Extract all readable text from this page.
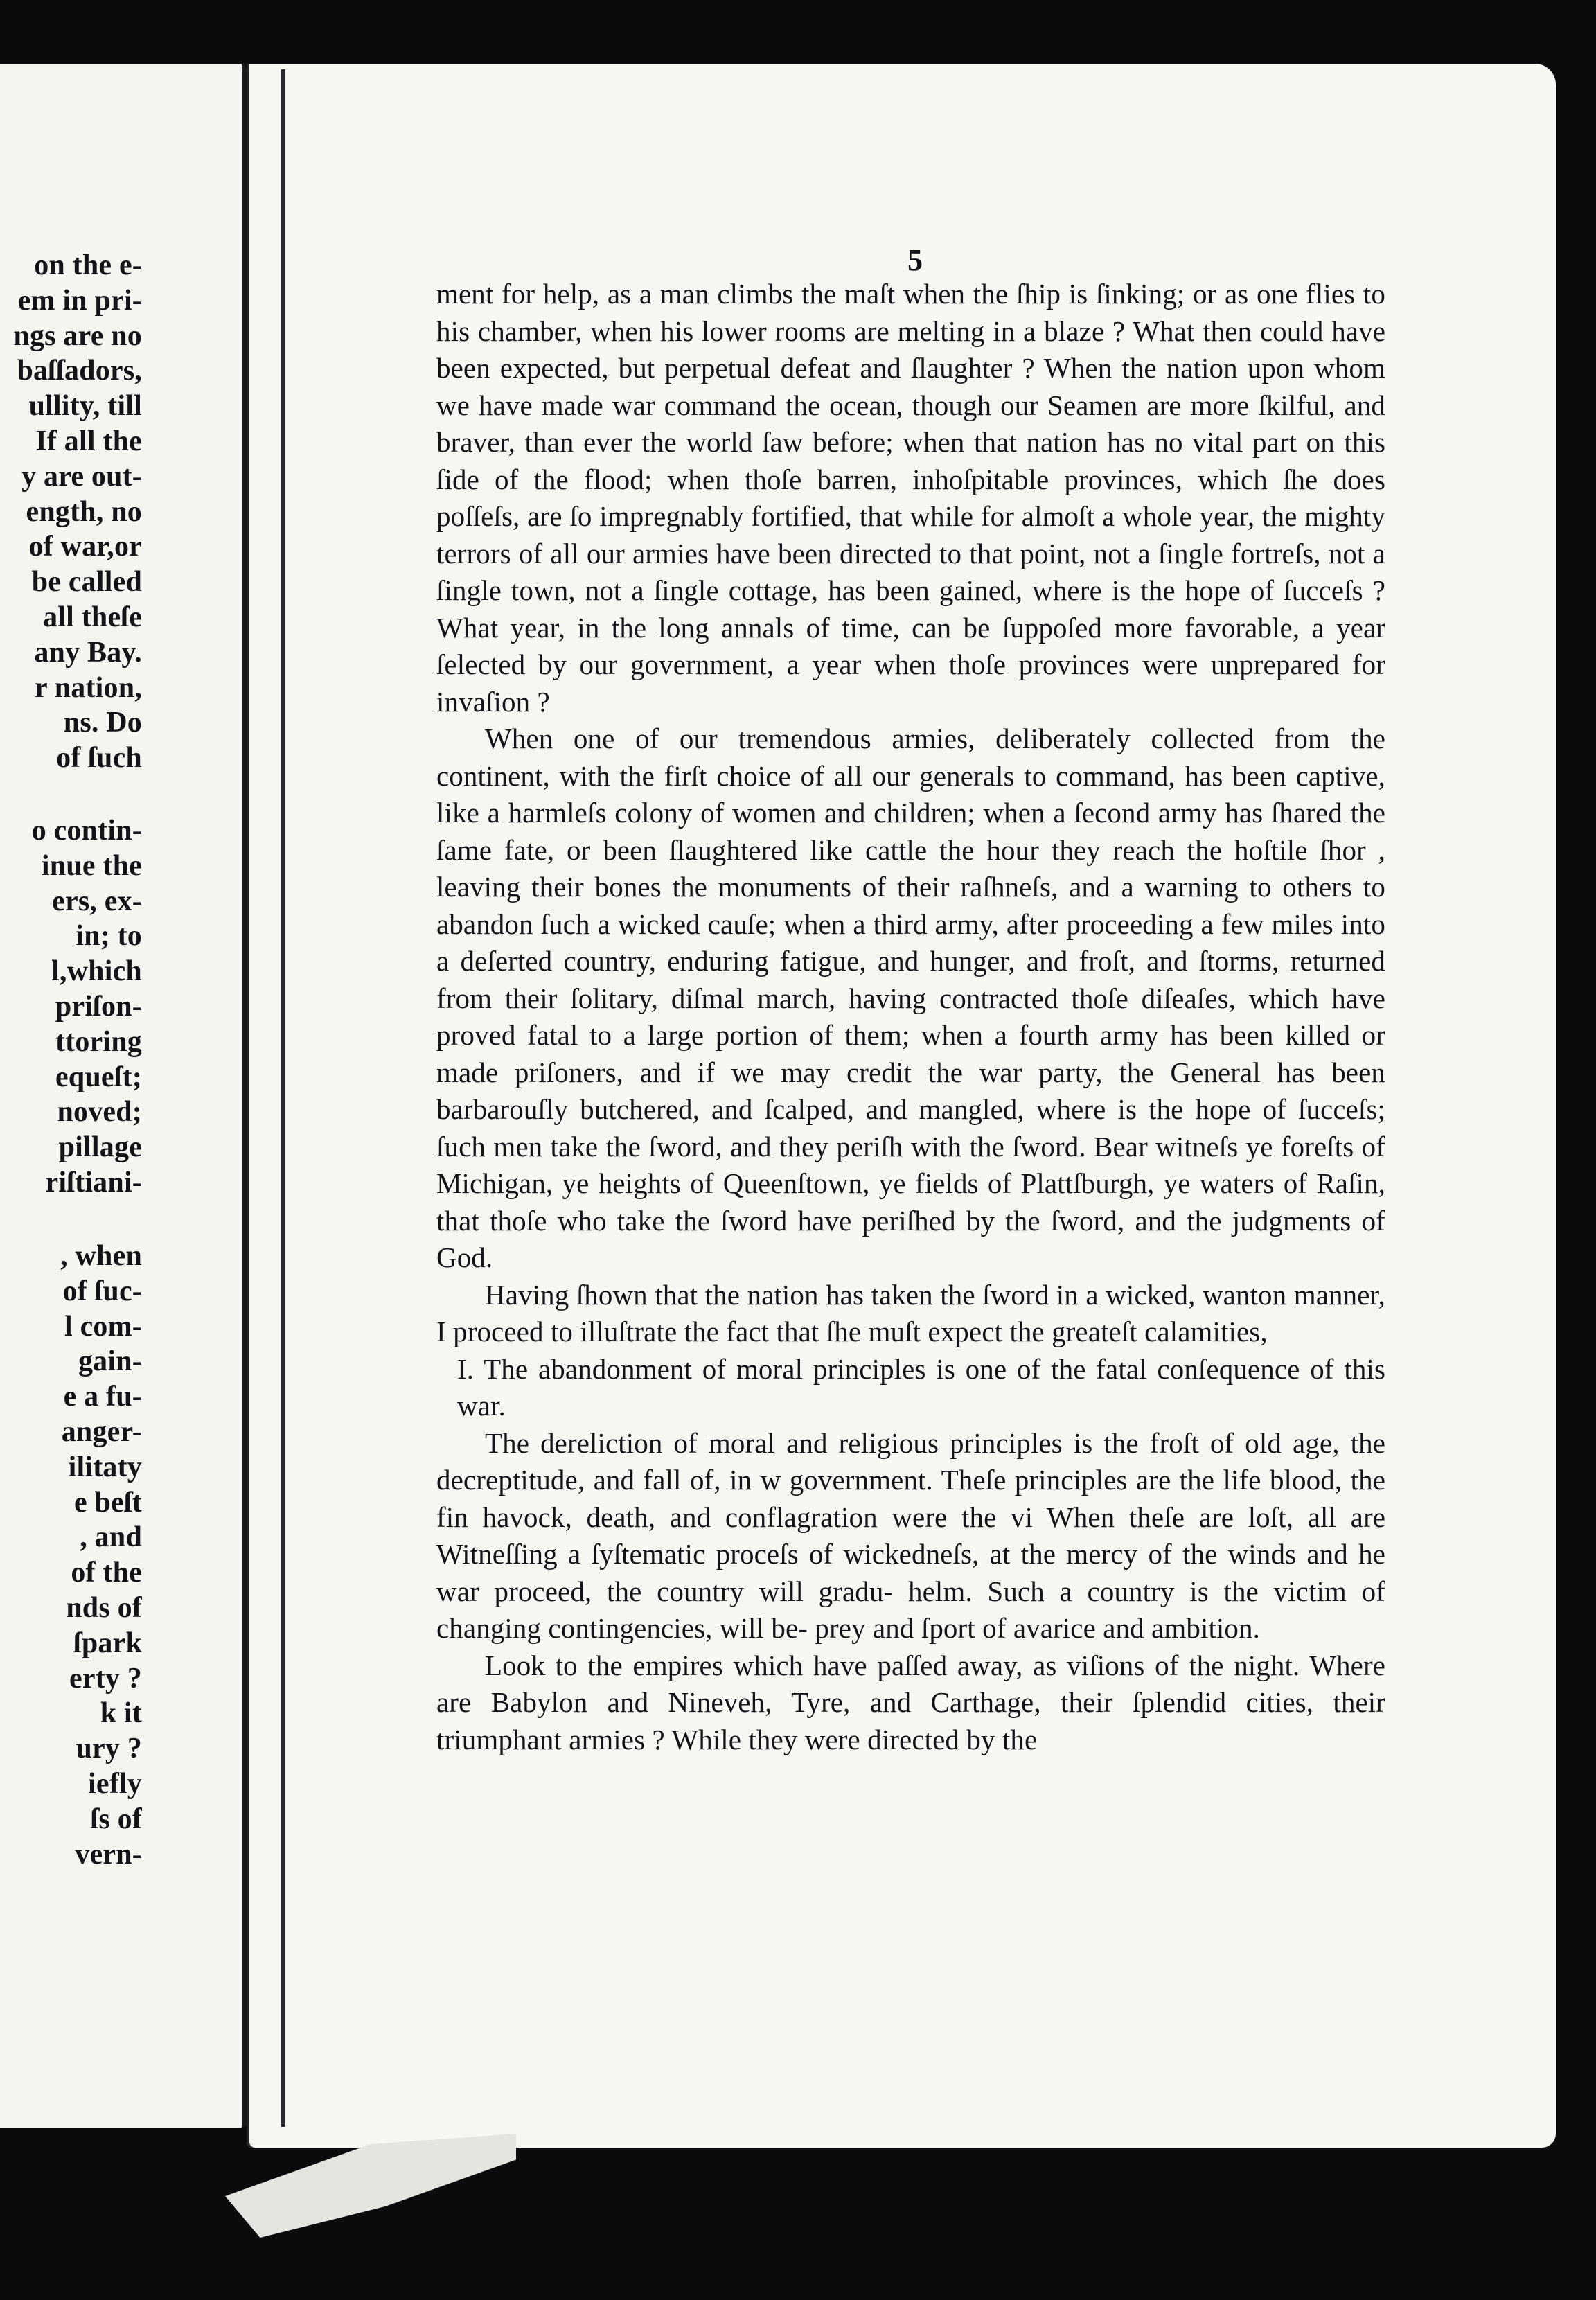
on the e-
em in pri-
ngs are no
baſſadors,
ullity, till
If all the
y are out-
ength, no
of war,or
be called
all theſe
any Bay.
r nation,
ns. Do
of ſuch
o contin-
inue the
ers, ex-
in; to
l,which
priſon-
ttoring
equeſt;
noved;
pillage
riſtiani-
, when
of ſuc-
l com-
gain-
e a fu-
anger-
ilitaty
e beſt
, and
of the
nds of
ſpark
erty ?
k it
ury ?
iefly
ſs of
vern-
5

ment for help, as a man climbs the maſt when the ſhip is ſinking; or as one flies to his chamber, when his lower rooms are melting in a blaze ? What then could have been expected, but perpetual defeat and ſlaughter ? When the nation upon whom we have made war command the ocean, though our Seamen are more ſkilful, and braver, than ever the world ſaw before; when that nation has no vital part on this ſide of the flood; when thoſe barren, inhoſpitable provinces, which ſhe does poſſeſs, are ſo impregnably fortified, that while for almoſt a whole year, the mighty terrors of all our armies have been directed to that point, not a ſingle fortreſs, not a ſingle town, not a ſingle cottage, has been gained, where is the hope of ſucceſs ? What year, in the long annals of time, can be ſuppoſed more favorable, a year ſelected by our government, a year when thoſe provinces were unprepared for invaſion ?

When one of our tremendous armies, deliberately collected from the continent, with the firſt choice of all our generals to command, has been captive, like a harmleſs colony of women and children; when a ſecond army has ſhared the ſame fate, or been ſlaughtered like cattle the hour they reach the hoſtile ſhor , leaving their bones the monuments of their raſhneſs, and a warning to others to abandon ſuch a wicked cauſe; when a third army, after proceeding a few miles into a deſerted country, enduring fatigue, and hunger, and froſt, and ſtorms, returned from their ſolitary, diſmal march, having contracted thoſe diſeaſes, which have proved fatal to a large portion of them; when a fourth army has been killed or made priſoners, and if we may credit the war party, the General has been barbarouſly butchered, and ſcalped, and mangled, where is the hope of ſucceſs; ſuch men take the ſword, and they periſh with the ſword. Bear witneſs ye foreſts of Michigan, ye heights of Queenſtown, ye fields of Plattſburgh, ye waters of Raſin, that thoſe who take the ſword have periſhed by the ſword, and the judgments of God.

Having ſhown that the nation has taken the ſword in a wicked, wanton manner, I proceed to illuſtrate the fact that ſhe muſt expect the greateſt calamities,

I. The abandonment of moral principles is one of the fatal conſequence of this war.

The dereliction of moral and religious principles is the froſt of old age, the decreptitude, and fall of, in w government. Theſe principles are the life blood, the fin havock, death, and conflagration were the vi When theſe are loſt, all are Witneſſing a ſyſtematic proceſs of wickedneſs, at the mercy of the winds and he war proceed, the country will gradu- helm. Such a country is the victim of changing contingencies, will be- prey and ſport of avarice and ambition.

Look to the empires which have paſſed away, as viſions of the night. Where are Babylon and Nineveh, Tyre, and Carthage, their ſplendid cities, their triumphant armies ? While they were directed by the
